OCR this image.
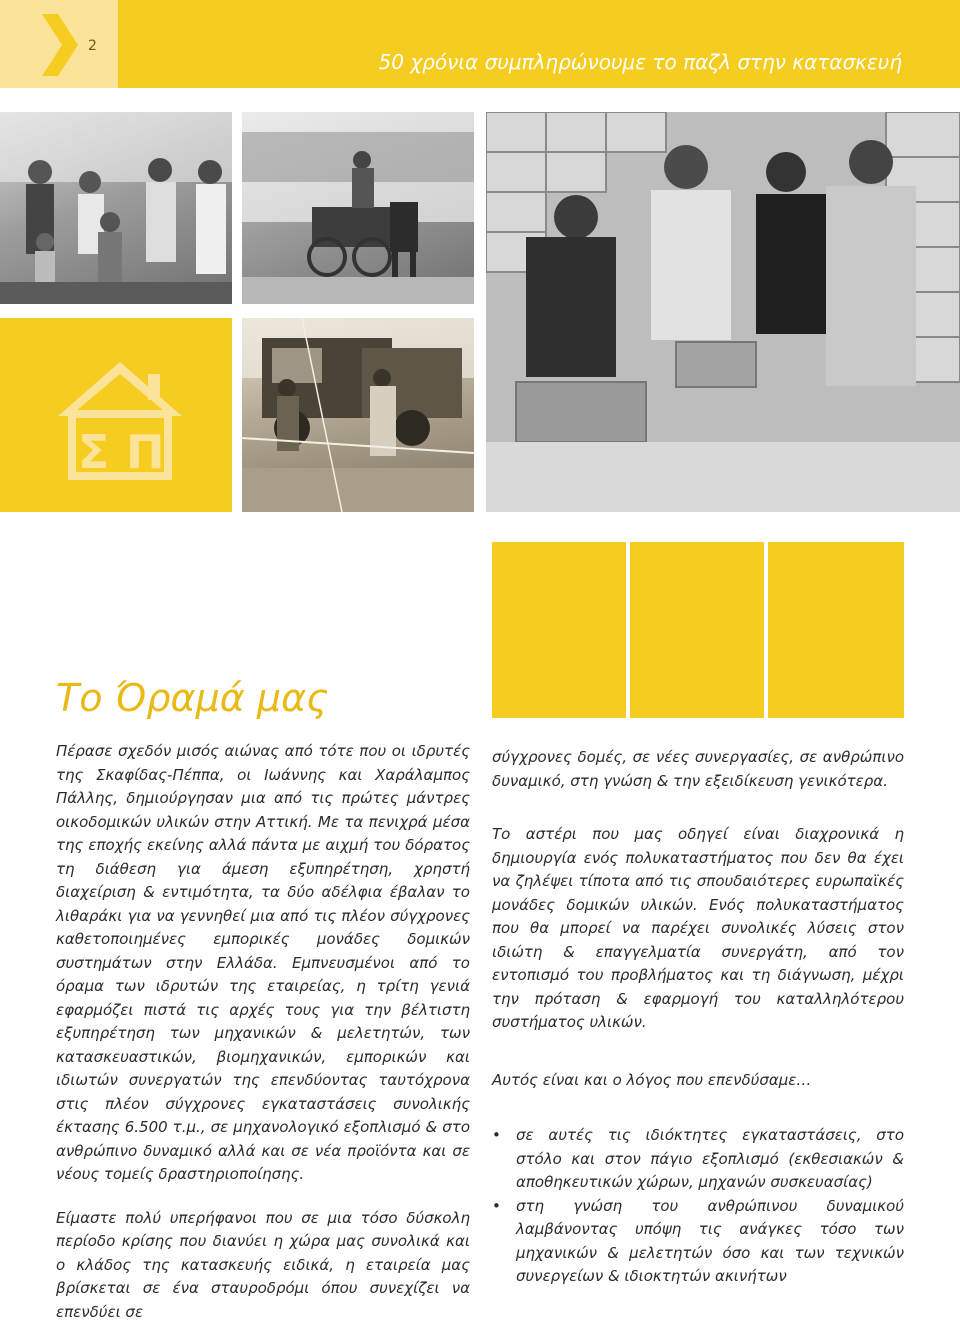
2
50 χρόνια συμπληρώνουμε το παζλ στην κατασκευή
Σ Π
Το Όραμά μας

Πέρασε σχεδόν μισός αιώνας από τότε που οι ιδρυτές της Σκαφίδας-Πέππα, οι Ιωάννης και Χαράλαμπος Πάλλης, δημιούργησαν μια από τις πρώτες μάντρες οικοδομικών υλικών στην Αττική. Με τα πενιχρά μέσα της εποχής εκείνης αλλά πάντα με αιχμή του δόρατος τη διάθεση για άμεση εξυπηρέτηση, χρηστή διαχείριση & εντιμότητα, τα δύο αδέλφια έβαλαν το λιθαράκι για να γεννηθεί μια από τις πλέον σύγχρονες καθετοποιημένες εμπορικές μονάδες δομικών συστημάτων στην Ελλάδα. Εμπνευσμένοι από το όραμα των ιδρυτών της εταιρείας, η τρίτη γενιά εφαρμόζει πιστά τις αρχές τους για την βέλτιστη εξυπηρέτηση των μηχανικών & μελετητών, των κατασκευαστικών, βιομηχανικών, εμπορικών και ιδιωτών συνεργατών της επενδύοντας ταυτόχρονα στις πλέον σύγχρονες εγκαταστάσεις συνολικής έκτασης 6.500 τ.μ., σε μηχανολογικό εξοπλισμό & στο ανθρώπινο δυναμικό αλλά και σε νέα προϊόντα και σε νέους τομείς δραστηριοποίησης.

Είμαστε πολύ υπερήφανοι που σε μια τόσο δύσκολη περίοδο κρίσης που διανύει η χώρα μας συνολικά και ο κλάδος της κατασκευής ειδικά, η εταιρεία μας βρίσκεται σε ένα σταυροδρόμι όπου συνεχίζει να επενδύει σε

σύγχρονες δομές, σε νέες συνεργασίες, σε ανθρώπινο δυναμικό, στη γνώση & την εξειδίκευση γενικότερα.

Το αστέρι που μας οδηγεί είναι διαχρονικά η δημιουργία ενός πολυκαταστήματος που δεν θα έχει να ζηλέψει τίποτα από τις σπουδαιότερες ευρωπαϊκές μονάδες δομικών υλικών. Ενός πολυκαταστήματος που θα μπορεί να παρέχει συνολικές λύσεις στον ιδιώτη & επαγγελματία συνεργάτη, από τον εντοπισμό του προβλήματος και τη διάγνωση, μέχρι την πρόταση & εφαρμογή του καταλληλότερου συστήματος υλικών.

Αυτός είναι και ο λόγος που επενδύσαμε…

• σε αυτές τις ιδιόκτητες εγκαταστάσεις, στο στόλο και στον πάγιο εξοπλισμό (εκθεσιακών & αποθηκευτικών χώρων, μηχανών συσκευασίας)
• στη γνώση του ανθρώπινου δυναμικού λαμβάνοντας υπόψη τις ανάγκες τόσο των μηχανικών & μελετητών όσο και των τεχνικών συνεργείων & ιδιοκτητών ακινήτων
